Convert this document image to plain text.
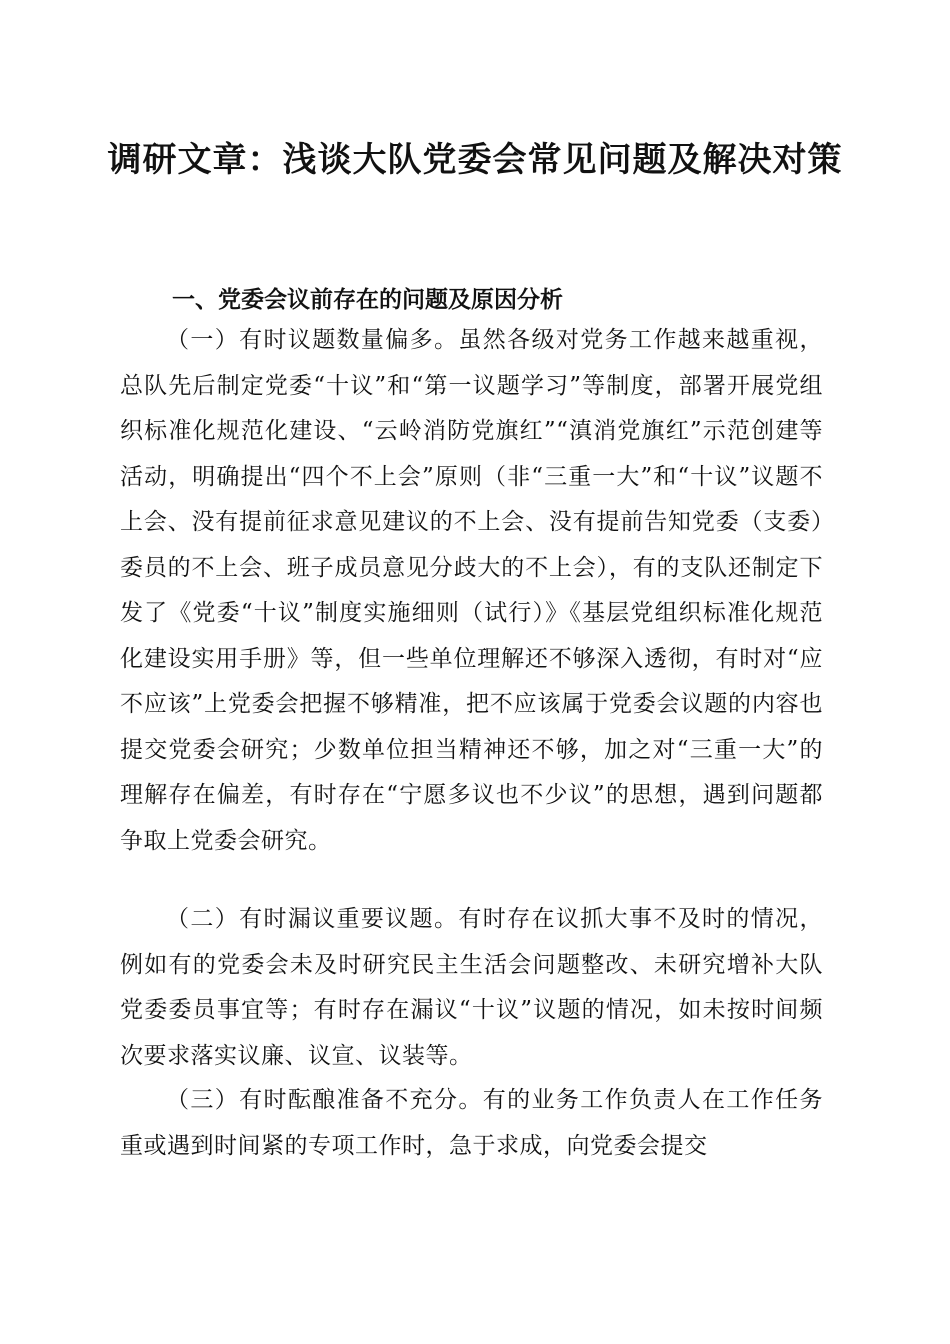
调研文章：浅谈大队党委会常见问题及解决对策
一、党委会议前存在的问题及原因分析

（一）有时议题数量偏多。虽然各级对党务工作越来越重视，总队先后制定党委“十议”和“第一议题学习”等制度，部署开展党组织标准化规范化建设、“云岭消防党旗红”“滇消党旗红”示范创建等活动，明确提出“四个不上会”原则（非“三重一大”和“十议”议题不上会、没有提前征求意见建议的不上会、没有提前告知党委（支委）委员的不上会、班子成员意见分歧大的不上会），有的支队还制定下发了《党委“十议”制度实施细则（试行）》《基层党组织标准化规范化建设实用手册》等，但一些单位理解还不够深入透彻，有时对“应不应该”上党委会把握不够精准，把不应该属于党委会议题的内容也提交党委会研究；少数单位担当精神还不够，加之对“三重一大”的理解存在偏差，有时存在“宁愿多议也不少议”的思想，遇到问题都争取上党委会研究。

（二）有时漏议重要议题。有时存在议抓大事不及时的情况，例如有的党委会未及时研究民主生活会问题整改、未研究增补大队党委委员事宜等；有时存在漏议“十议”议题的情况，如未按时间频次要求落实议廉、议宣、议装等。

（三）有时酝酿准备不充分。有的业务工作负责人在工作任务重或遇到时间紧的专项工作时，急于求成，向党委会提交
